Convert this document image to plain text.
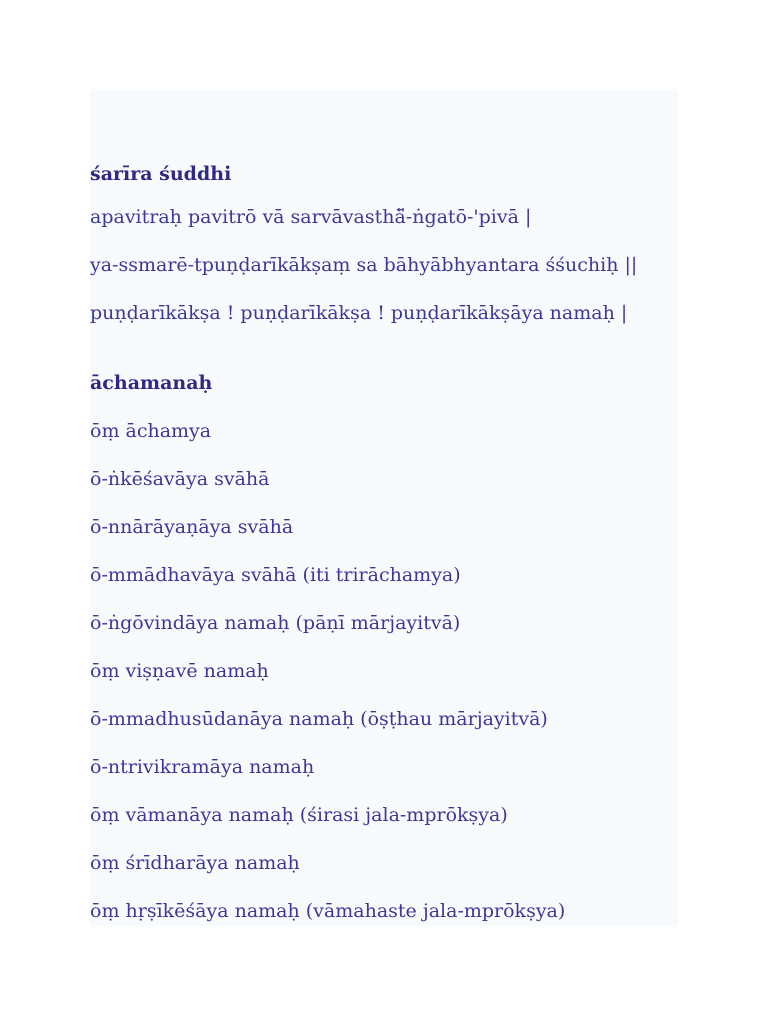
śarīra śuddhi

apavitraḥ pavitrō vā sarvāvasthā̎-ṅgatō-'pivā |

ya-ssmarē-tpuṇḍarīkākṣaṃ sa bāhyābhyantara śśuchiḥ ||

puṇḍarīkākṣa ! puṇḍarīkākṣa ! puṇḍarīkākṣāya namaḥ |

āchamanaḥ

ōṃ āchamya

ō-ṅkēśavāya svāhā

ō-nnārāyaṇāya svāhā

ō-mmādhavāya svāhā (iti trirāchamya)

ō-ṅgōvindāya namaḥ (pāṇī mārjayitvā)

ōṃ viṣṇavē namaḥ

ō-mmadhusūdanāya namaḥ (ōṣṭhau mārjayitvā)

ō-ntrivikramāya namaḥ

ōṃ vāmanāya namaḥ (śirasi jala-mprōkṣya)

ōṃ śrīdharāya namaḥ

ōṃ hṛṣīkēśāya namaḥ (vāmahaste jala-mprōkṣya)
